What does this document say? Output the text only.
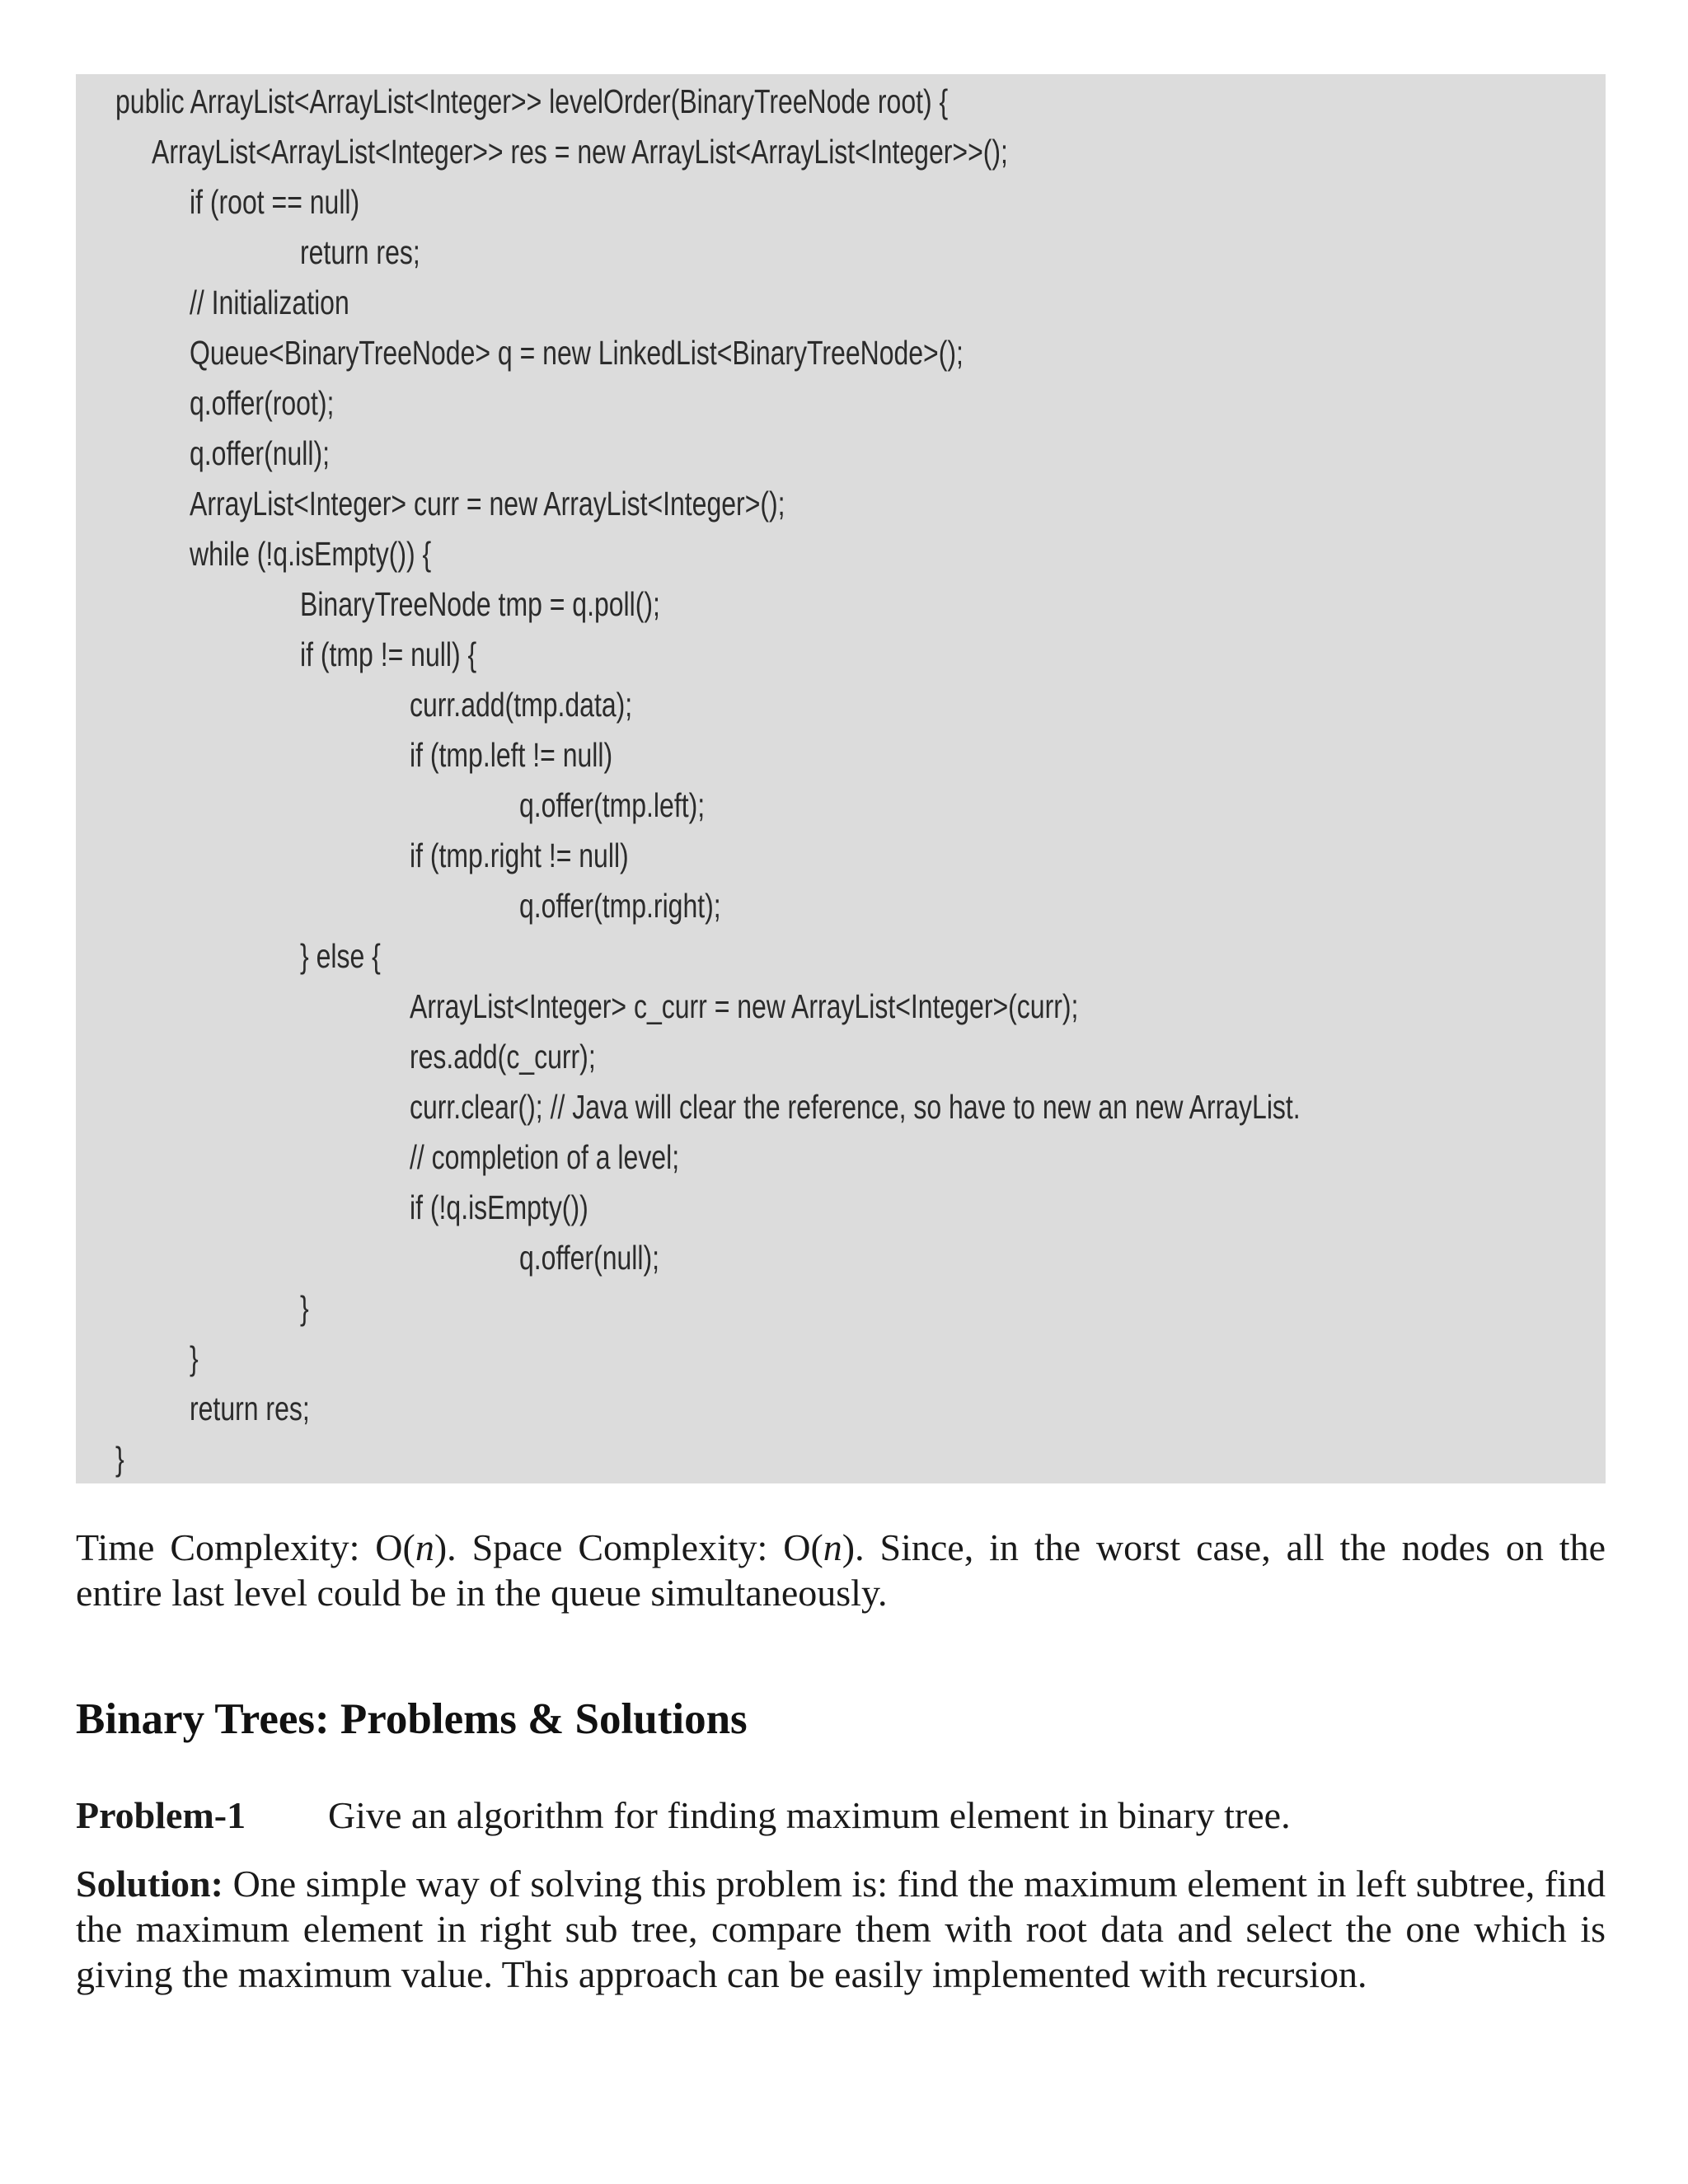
public ArrayList<ArrayList<Integer>> levelOrder(BinaryTreeNode root) {
ArrayList<ArrayList<Integer>> res = new ArrayList<ArrayList<Integer>>();
if (root == null)
return res;
// Initialization
Queue<BinaryTreeNode> q = new LinkedList<BinaryTreeNode>();
q.offer(root);
q.offer(null);
ArrayList<Integer> curr = new ArrayList<Integer>();
while (!q.isEmpty()) {
BinaryTreeNode tmp = q.poll();
if (tmp != null) {
curr.add(tmp.data);
if (tmp.left != null)
q.offer(tmp.left);
if (tmp.right != null)
q.offer(tmp.right);
} else {
ArrayList<Integer> c_curr = new ArrayList<Integer>(curr);
res.add(c_curr);
curr.clear(); // Java will clear the reference, so have to new an new ArrayList.
// completion of a level;
if (!q.isEmpty())
q.offer(null);
}
}
return res;
}
Time Complexity: O(n). Space Complexity: O(n). Since, in the worst case, all the nodes on the entire last level could be in the queue simultaneously.
Binary Trees: Problems & Solutions
Problem-1 Give an algorithm for finding maximum element in binary tree.
Solution: One simple way of solving this problem is: find the maximum element in left subtree, find the maximum element in right sub tree, compare them with root data and select the one which is giving the maximum value. This approach can be easily implemented with recursion.
